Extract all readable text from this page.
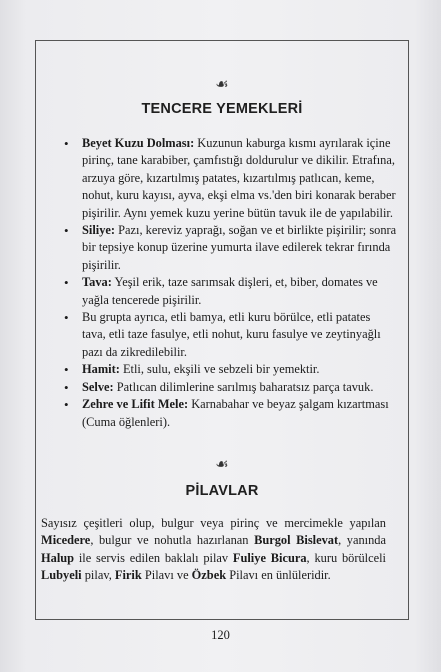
☙
TENCERE YEMEKLERİ
• Beyet Kuzu Dolması: Kuzunun kaburga kısmı ayrılarak içine pirinç, tane karabiber, çamfıstığı doldurulur ve dikilir. Etrafına, arzuya göre, kızartılmış patates, kızartılmış patlıcan, keme, nohut, kuru kayısı, ayva, ekşi elma vs.'den biri konarak beraber pişirilir. Aynı yemek kuzu yerine bütün tavuk ile de yapılabilir.
• Siliye: Pazı, kereviz yaprağı, soğan ve et birlikte pişirilir; sonra bir tepsiye konup üzerine yumurta ilave edilerek tekrar fırında pişirilir.
• Tava: Yeşil erik, taze sarımsak dişleri, et, biber, domates ve yağla tencerede pişirilir.
• Bu grupta ayrıca, etli bamya, etli kuru börülce, etli patates tava, etli taze fasulye, etli nohut, kuru fasulye ve zeytinyağlı pazı da zikredilebilir.
• Hamit: Etli, sulu, ekşili ve sebzeli bir yemektir.
• Selve: Patlıcan dilimlerine sarılmış baharatsız parça tavuk.
• Zehre ve Lifit Mele: Karnabahar ve beyaz şalgam kızartması (Cuma öğlenleri).
☙
PİLAVLAR

Sayısız çeşitleri olup, bulgur veya pirinç ve mercimekle yapılan Micedere, bulgur ve nohutla hazırlanan Burgol Bislevat, yanında Halup ile servis edilen baklalı pilav Fuliye Bicura, kuru börülceli Lubyeli pilav, Firik Pilavı ve Özbek Pilavı en ünlüleridir.

120
